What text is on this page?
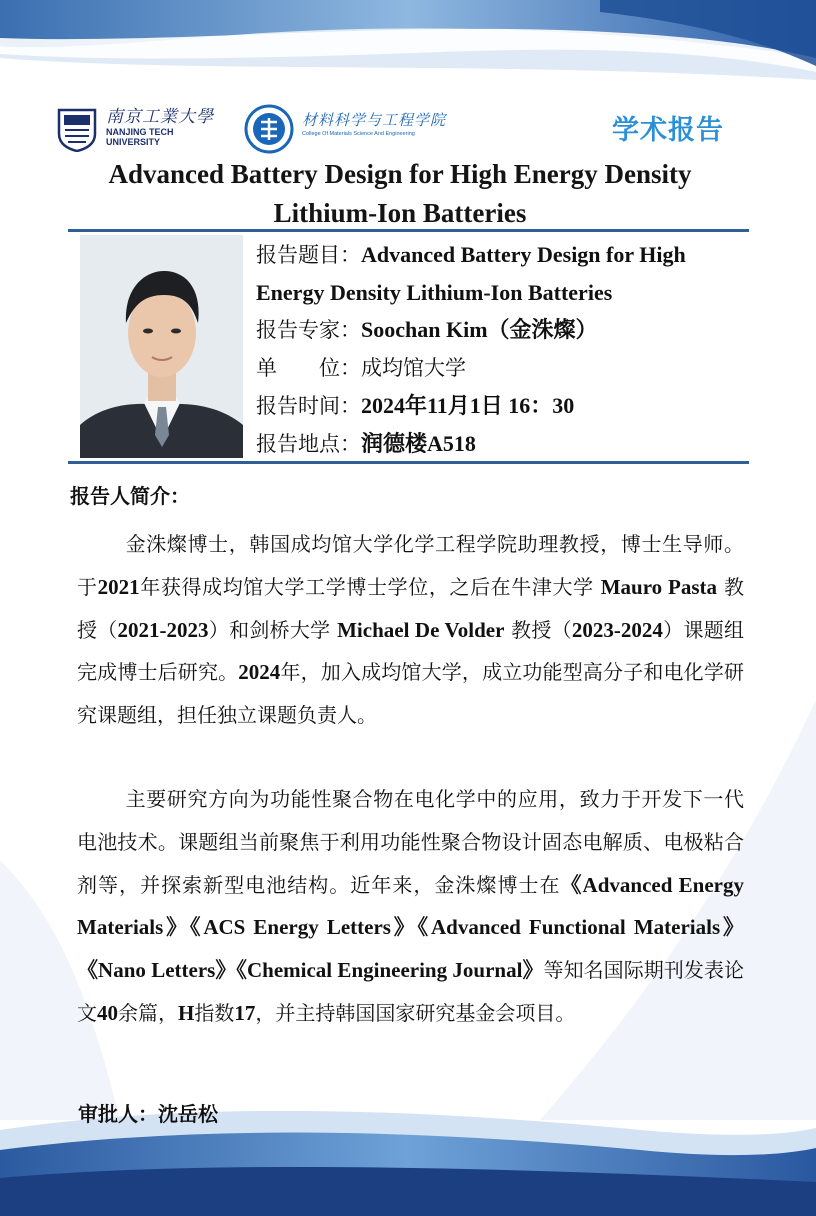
南京工業大學
NANJING TECH
UNIVERSITY
材料科学与工程学院
College Of Materials Science And Engineering	学术报告
Advanced Battery Design for High Energy Density
Lithium-Ion Batteries
报告题目：Advanced Battery Design for High
Energy Density Lithium-Ion Batteries
报告专家：Soochan Kim（金洙燦）
单　　位：成均馆大学
报告时间：2024年11月1日 16：30
报告地点：润德楼A518
报告人简介：
金洙燦博士，韩国成均馆大学化学工程学院助理教授，博士生导师。于2021年获得成均馆大学工学博士学位，之后在牛津大学 Mauro Pasta 教授（2021-2023）和剑桥大学 Michael De Volder 教授（2023-2024）课题组完成博士后研究。2024年，加入成均馆大学，成立功能型高分子和电化学研究课题组，担任独立课题负责人。
主要研究方向为功能性聚合物在电化学中的应用，致力于开发下一代电池技术。课题组当前聚焦于利用功能性聚合物设计固态电解质、电极粘合剂等，并探索新型电池结构。近年来，金洙燦博士在《Advanced Energy Materials》《ACS Energy Letters》《Advanced Functional Materials》《Nano Letters》《Chemical Engineering Journal》等知名国际期刊发表论文40余篇，H指数17，并主持韩国国家研究基金会项目。
审批人：沈岳松
